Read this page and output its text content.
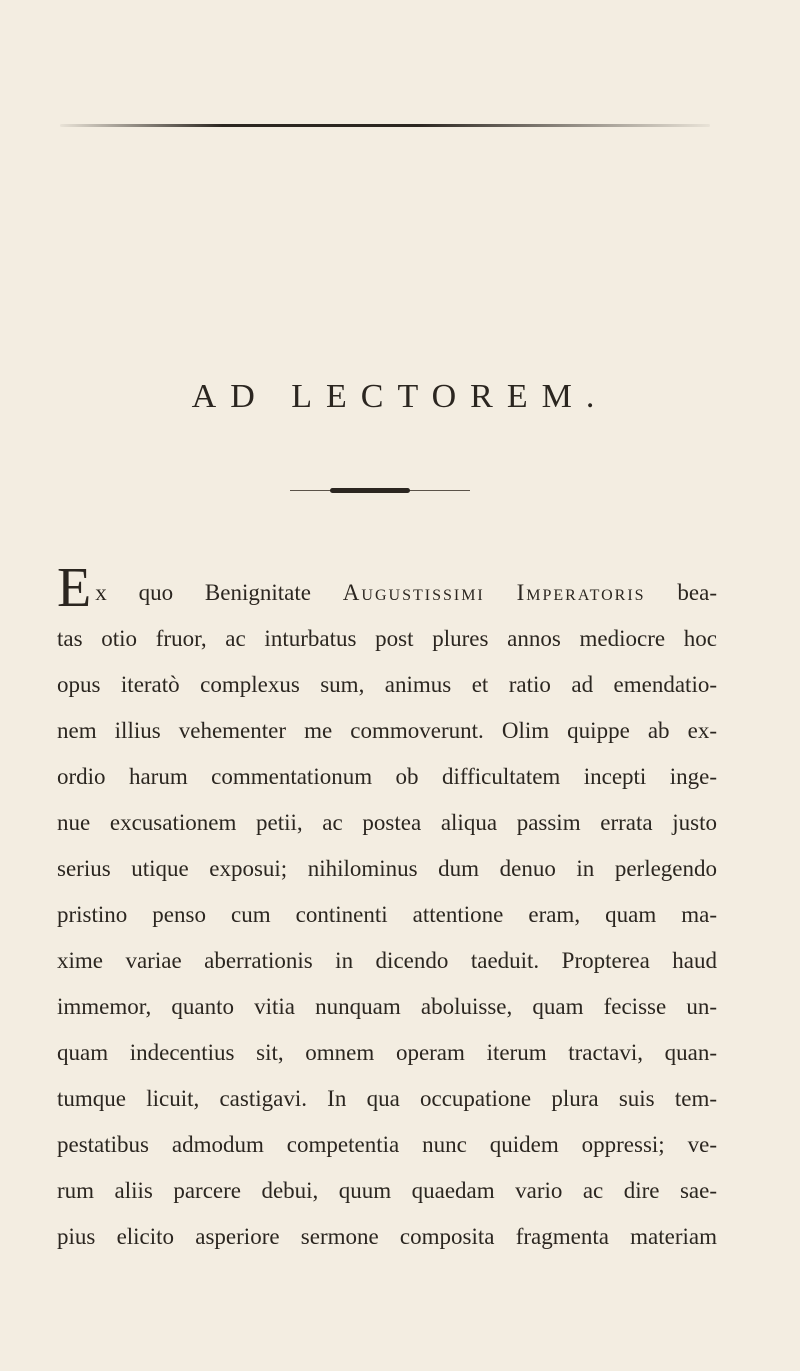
AD LECTOREM.
Ex quo Benignitate Augustissimi Imperatoris bea-
tas otio fruor, ac inturbatus post plures annos mediocre hoc
opus iteratò complexus sum, animus et ratio ad emendatio-
nem illius vehementer me commoverunt. Olim quippe ab ex-
ordio harum commentationum ob difficultatem incepti inge-
nue excusationem petii, ac postea aliqua passim errata justo
serius utique exposui; nihilominus dum denuo in perlegendo
pristino penso cum continenti attentione eram, quam ma-
xime variae aberrationis in dicendo taeduit. Propterea haud
immemor, quanto vitia nunquam aboluisse, quam fecisse un-
quam indecentius sit, omnem operam iterum tractavi, quan-
tumque licuit, castigavi. In qua occupatione plura suis tem-
pestatibus admodum competentia nunc quidem oppressi; ve-
rum aliis parcere debui, quum quaedam vario ac dire sae-
pius elicito asperiore sermone composita fragmenta materiam
